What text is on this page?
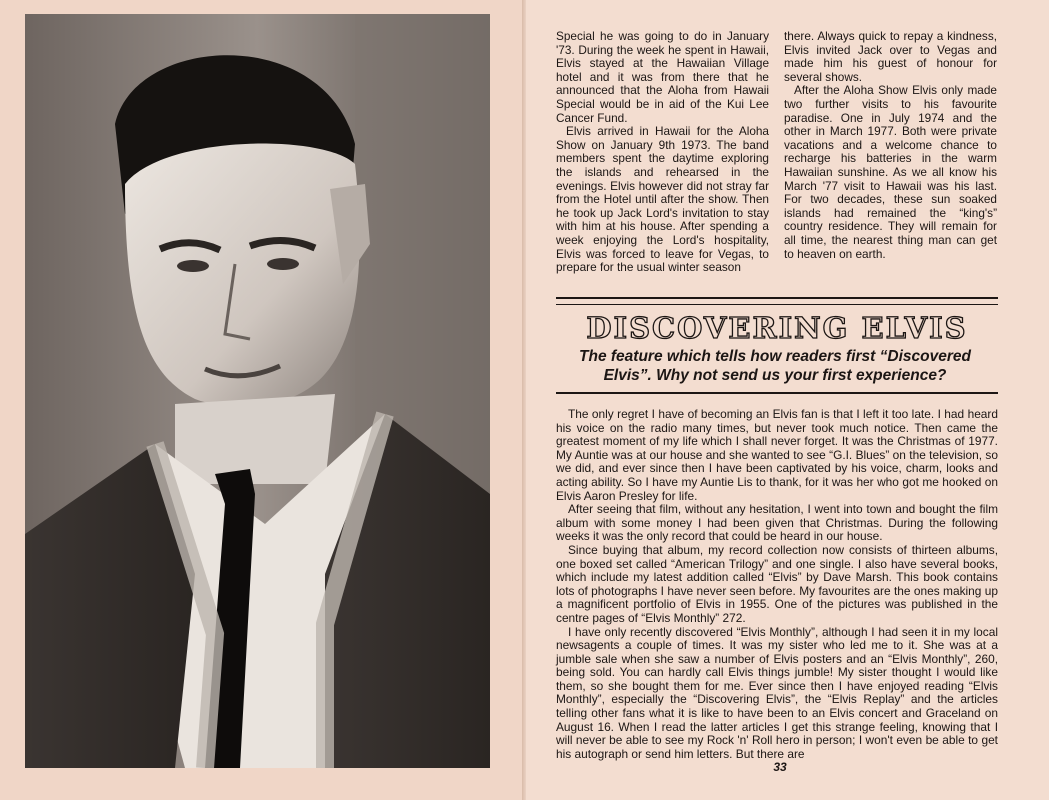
Special he was going to do in January '73. During the week he spent in Hawaii, Elvis stayed at the Hawaiian Village hotel and it was from there that he announced that the Aloha from Hawaii Special would be in aid of the Kui Lee Cancer Fund.

Elvis arrived in Hawaii for the Aloha Show on January 9th 1973. The band members spent the daytime exploring the islands and rehearsed in the evenings. Elvis however did not stray far from the Hotel until after the show. Then he took up Jack Lord's invitation to stay with him at his house. After spending a week enjoying the Lord's hospitality, Elvis was forced to leave for Vegas, to prepare for the usual winter season

there. Always quick to repay a kindness, Elvis invited Jack over to Vegas and made him his guest of honour for several shows.

After the Aloha Show Elvis only made two further visits to his favourite paradise. One in July 1974 and the other in March 1977. Both were private vacations and a welcome chance to recharge his batteries in the warm Hawaiian sunshine. As we all know his March '77 visit to Hawaii was his last. For two decades, these sun soaked islands had remained the “king's” country residence. They will remain for all time, the nearest thing man can get to heaven on earth.

DISCOVERING ELVIS
The feature which tells how readers first “Discovered Elvis”. Why not send us your first experience?

The only regret I have of becoming an Elvis fan is that I left it too late. I had heard his voice on the radio many times, but never took much notice. Then came the greatest moment of my life which I shall never forget. It was the Christmas of 1977. My Auntie was at our house and she wanted to see “G.I. Blues” on the television, so we did, and ever since then I have been captivated by his voice, charm, looks and acting ability. So I have my Auntie Lis to thank, for it was her who got me hooked on Elvis Aaron Presley for life.

After seeing that film, without any hesitation, I went into town and bought the film album with some money I had been given that Christmas. During the following weeks it was the only record that could be heard in our house.

Since buying that album, my record collection now consists of thirteen albums, one boxed set called “American Trilogy” and one single. I also have several books, which include my latest addition called “Elvis” by Dave Marsh. This book contains lots of photographs I have never seen before. My favourites are the ones making up a magnificent portfolio of Elvis in 1955. One of the pictures was published in the centre pages of “Elvis Monthly” 272.

I have only recently discovered “Elvis Monthly”, although I had seen it in my local newsagents a couple of times. It was my sister who led me to it. She was at a jumble sale when she saw a number of Elvis posters and an “Elvis Monthly”, 260, being sold. You can hardly call Elvis things jumble! My sister thought I would like them, so she bought them for me. Ever since then I have enjoyed reading “Elvis Monthly”, especially the “Discovering Elvis”, the “Elvis Replay” and the articles telling other fans what it is like to have been to an Elvis concert and Graceland on August 16. When I read the latter articles I get this strange feeling, knowing that I will never be able to see my Rock 'n' Roll hero in person; I won't even be able to get his autograph or send him letters. But there are

33
